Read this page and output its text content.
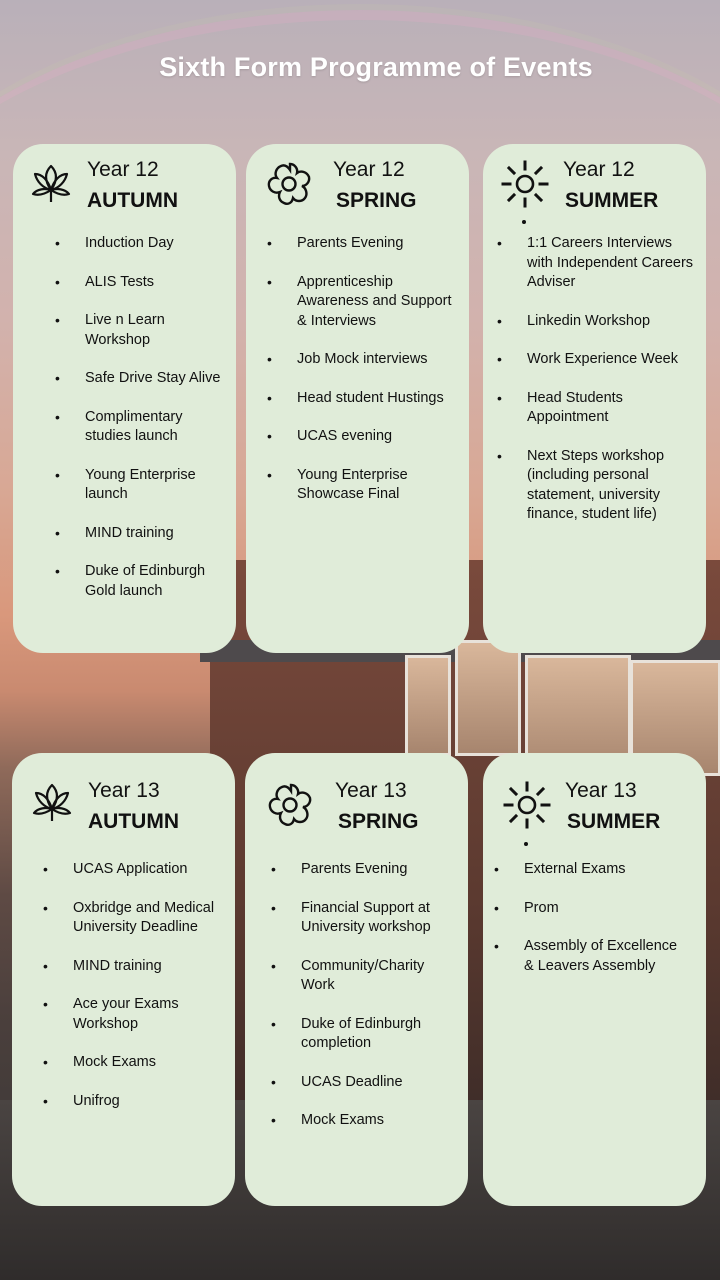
Sixth Form Programme of Events
Year 12
AUTUMN
• Induction Day
• ALIS Tests
• Live n Learn Workshop
• Safe Drive Stay Alive
• Complimentary studies launch
• Young Enterprise launch
• MIND training
• Duke of Edinburgh Gold launch
Year 12
SPRING
• Parents Evening
• Apprenticeship Awareness and Support & Interviews
• Job Mock interviews
• Head student Hustings
• UCAS evening
• Young Enterprise Showcase Final
Year 12
SUMMER
• 1:1 Careers Interviews with Independent Careers Adviser
• Linkedin Workshop
• Work Experience Week
• Head Students Appointment
• Next Steps workshop (including personal statement, university finance, student life)
Year 13
AUTUMN
• UCAS Application
• Oxbridge and Medical University Deadline
• MIND training
• Ace your Exams Workshop
• Mock Exams
• Unifrog
Year 13
SPRING
• Parents Evening
• Financial Support at University workshop
• Community/Charity Work
• Duke of Edinburgh completion
• UCAS Deadline
• Mock Exams
Year 13
SUMMER
• External Exams
• Prom
• Assembly of Excellence & Leavers Assembly
